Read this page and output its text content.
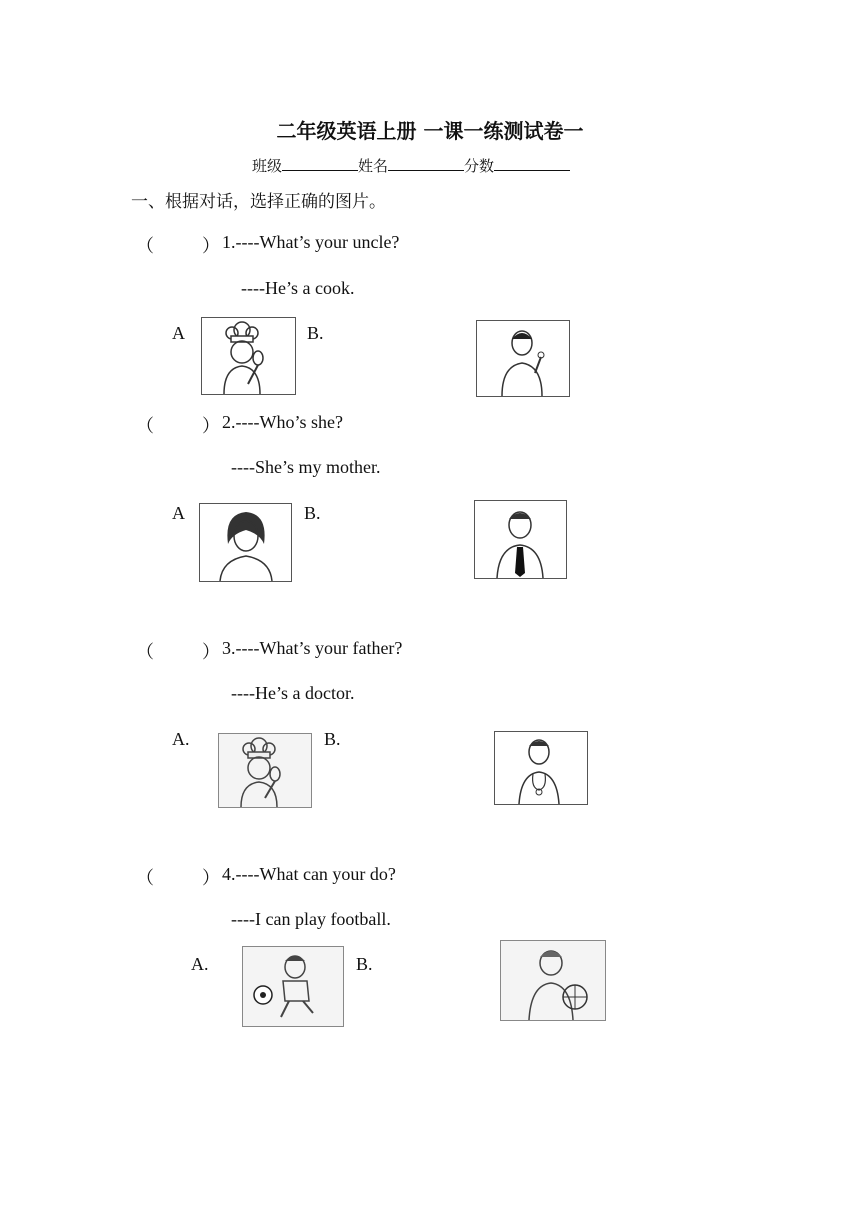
二年级英语上册 一课一练测试卷一
班级	姓名	分数
一、根据对话，选择正确的图片。
（	） 1.----What’s your uncle?
----He’s a cook.
A	B.
（	） 2.----Who’s she?
----She’s my mother.
A	B.
（	） 3.----What’s your father?
----He’s a doctor.
A.	B.
（	） 4.----What can your do?
----I can play football.
A.	B.
